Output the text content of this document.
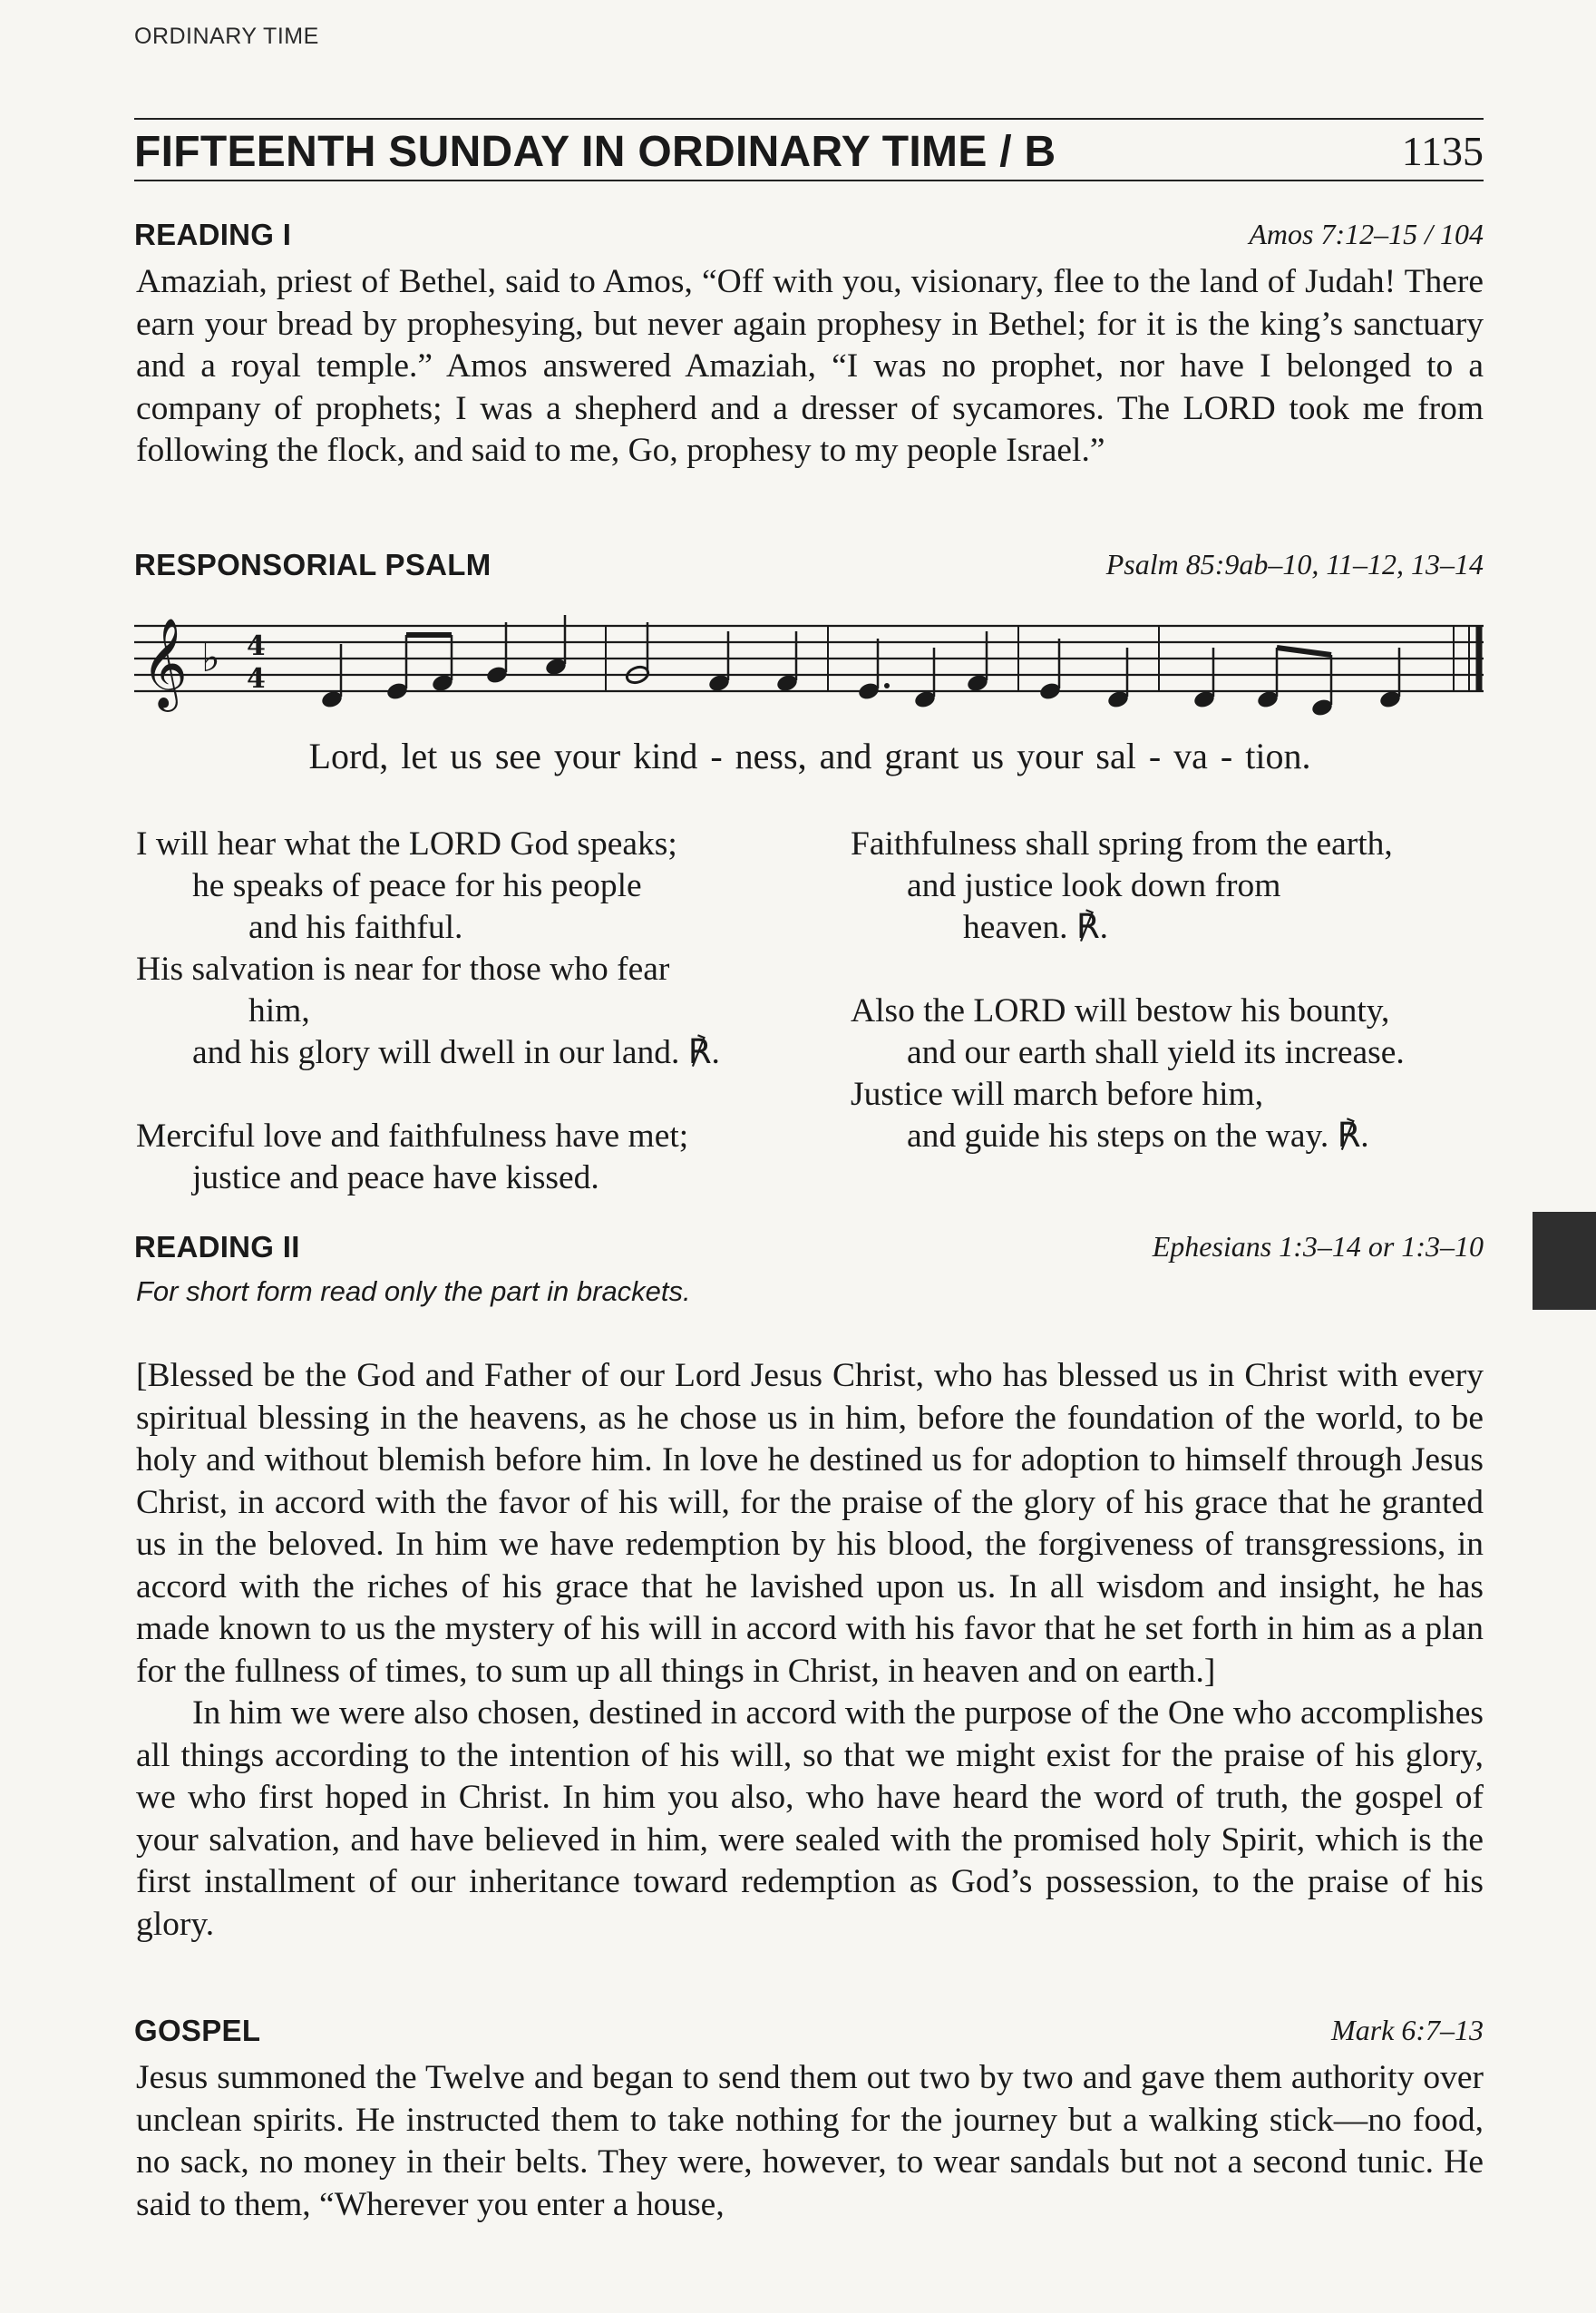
ORDINARY TIME
FIFTEENTH SUNDAY IN ORDINARY TIME / B	1135
READING I	Amos 7:12–15 / 104

Amaziah, priest of Bethel, said to Amos, “Off with you, visionary, flee to the land of Judah! There earn your bread by prophesying, but never again prophesy in Bethel; for it is the king’s sanctuary and a royal temple.” Amos answered Amaziah, “I was no prophet, nor have I belonged to a company of prophets; I was a shepherd and a dresser of sycamores. The LORD took me from following the flock, and said to me, Go, prophesy to my people Israel.”

RESPONSORIAL PSALM	Psalm 85:9ab–10, 11–12, 13–14
𝄞 ♭ 4
4
Lord, let us see your kind - ness, and grant us your sal - va - tion.
I will hear what the LORD God speaks;
he speaks of peace for his people
and his faithful.
His salvation is near for those who fear
him,
and his glory will dwell in our land. ℟.
Merciful love and faithfulness have met;
justice and peace have kissed.
Faithfulness shall spring from the earth,
and justice look down from
heaven. ℟.
Also the LORD will bestow his bounty,
and our earth shall yield its increase.
Justice will march before him,
and guide his steps on the way. ℟.
READING II	Ephesians 1:3–14 or 1:3–10
For short form read only the part in brackets.

[Blessed be the God and Father of our Lord Jesus Christ, who has blessed us in Christ with every spiritual blessing in the heavens, as he chose us in him, before the foundation of the world, to be holy and without blemish before him. In love he destined us for adoption to himself through Jesus Christ, in accord with the favor of his will, for the praise of the glory of his grace that he granted us in the beloved. In him we have redemption by his blood, the forgiveness of transgressions, in accord with the riches of his grace that he lavished upon us. In all wisdom and insight, he has made known to us the mystery of his will in accord with his favor that he set forth in him as a plan for the fullness of times, to sum up all things in Christ, in heaven and on earth.]

In him we were also chosen, destined in accord with the purpose of the One who accomplishes all things according to the intention of his will, so that we might exist for the praise of his glory, we who first hoped in Christ. In him you also, who have heard the word of truth, the gospel of your salvation, and have believed in him, were sealed with the promised holy Spirit, which is the first installment of our inheritance toward redemption as God’s possession, to the praise of his glory.

GOSPEL	Mark 6:7–13

Jesus summoned the Twelve and began to send them out two by two and gave them authority over unclean spirits. He instructed them to take nothing for the journey but a walking stick—no food, no sack, no money in their belts. They were, however, to wear sandals but not a second tunic. He said to them, “Wherever you enter a house,
